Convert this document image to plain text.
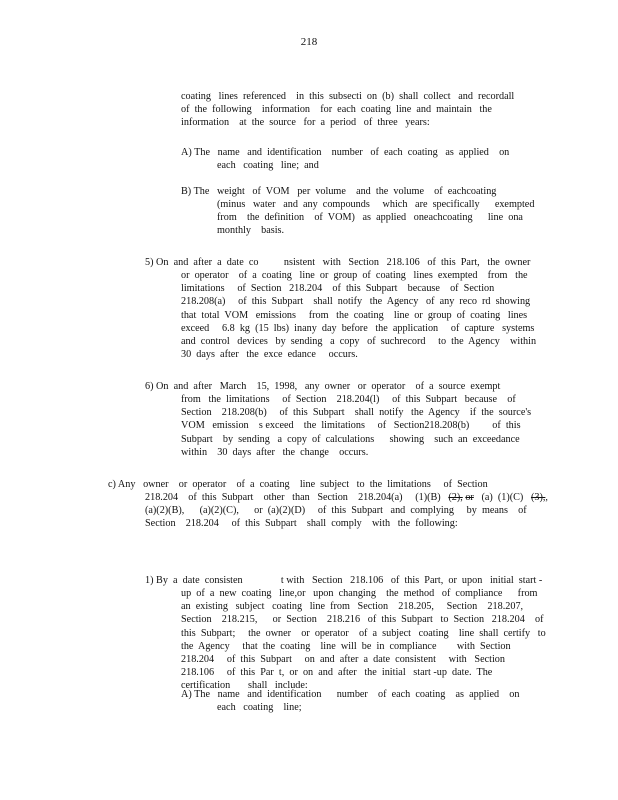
218
coating   lines  referenced    in  this  subsecti  on  (b)  shall  collect   and  recordall
of  the  following    information    for  each  coating  line  and  maintain   the
information    at  the  source   for  a  period   of  three   years:
A) The   name   and  identification    number   of  each  coating   as  applied    on
each   coating   line;  and
B) The   weight   of  VOM   per  volume    and  the  volume    of  eachcoating
(minus   water   and  any  compounds     which   are  specifically      exempted
from    the  definition    of  VOM)   as  applied   oneachcoating      line  ona
monthly    basis.
5) On  and  after  a  date  co          nsistent   with   Section   218.106   of  this  Part,   the  owner
or  operator    of  a  coating   line  or  group  of  coating   lines  exempted    from   the
limitations     of  Section   218.204    of  this  Subpart    because    of  Section
218.208(a)     of  this  Subpart    shall  notify   the  Agency   of  any  reco  rd  showing
that  total  VOM   emissions     from   the  coating    line  or  group  of  coating   lines
exceed     6.8  kg  (15  lbs)  inany  day  before   the  application     of  capture   systems
and  control   devices   by  sending   a  copy   of  suchrecord     to  the  Agency    within
30  days  after   the  exce  edance     occurs.
6) On  and  after   March    15,  1998,   any  owner   or  operator    of  a  source  exempt
from   the  limitations     of  Section    218.204(l)     of  this  Subpart   because    of
Section    218.208(b)     of  this  Subpart    shall  notify   the  Agency    if  the  source's
VOM   emission    s exceed    the  limitations     of   Section218.208(b)         of  this
Subpart    by  sending   a  copy  of  calculations      showing    such  an  exceedance
within    30  days  after   the  change    occurs.
c) Any   owner    or  operator    of  a  coating    line  subject   to  the  limitations     of  Section
218.204    of  this  Subpart    other   than   Section    218.204(a)     (1)(B)   (2), or   (a)  (1)(C)   (3),,
(a)(2)(B),      (a)(2)(C),      or  (a)(2)(D)     of  this  Subpart   and  complying     by  means    of
Section    218.204     of  this  Subpart    shall  comply    with   the  following:
1) By  a  date  consisten               t with   Section   218.106   of  this  Part,  or  upon   initial  start -
up  of  a  new  coating   line,or   upon  changing    the  method   of  compliance      from
an  existing   subject   coating   line  from   Section    218.205,     Section    218.207,
Section    218.215,      or  Section    218.216   of  this  Subpart   to  Section   218.204    of
this  Subpart;     the  owner    or  operator    of  a  subject   coating    line  shall  certify   to
the  Agency     that  the  coating    line  will  be  in  compliance        with  Section
218.204     of  this  Subpart     on  and  after  a  date  consistent     with   Section
218.106     of  this  Par  t,  or  on  and  after   the  initial   start -up  date.  The
certification       shall   include:
A) The   name   and  identification      number    of  each  coating    as  applied    on
each   coating    line;
